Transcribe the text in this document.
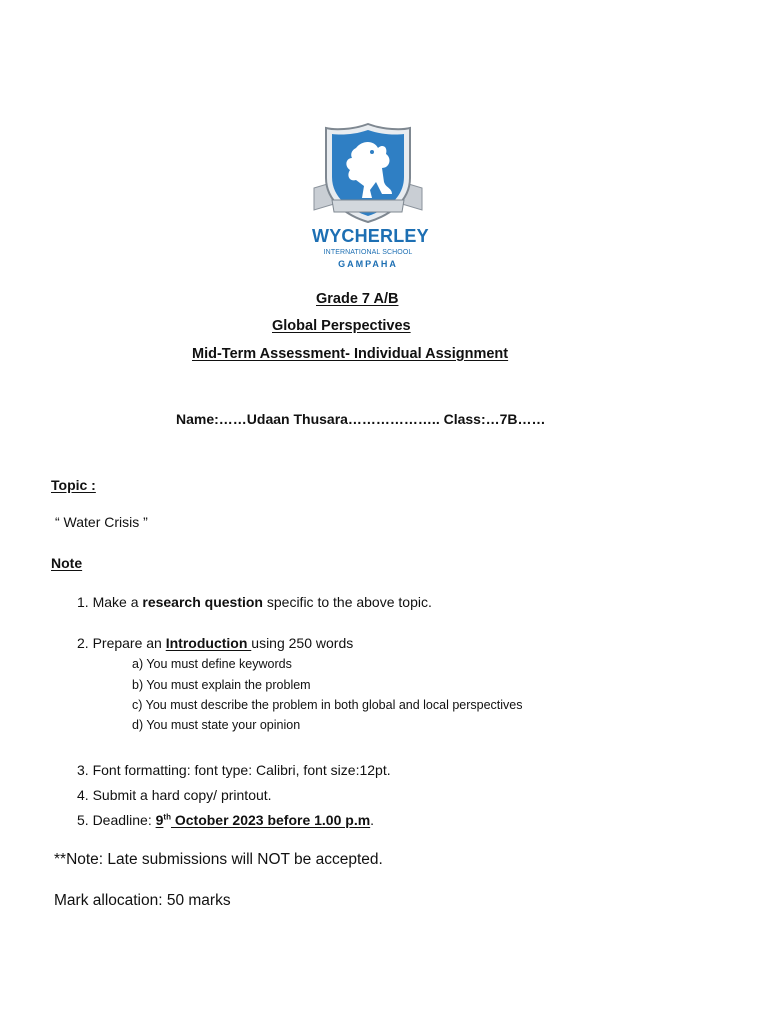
WYCHERLEY
INTERNATIONAL SCHOOL
GAMPAHA
Grade 7 A/B
Global Perspectives
Mid-Term Assessment- Individual Assignment
Name:……Udaan Thusara……………….. Class:…7B……
Topic :
“ Water Crisis ”
Note
1. Make a research question specific to the above topic.
2. Prepare an Introduction using 250 words
a) You must define keywords
b) You must explain the problem
c) You must describe the problem in both global and local perspectives
d) You must state your opinion
3. Font formatting: font type: Calibri, font size:12pt.
4. Submit a hard copy/ printout.
5. Deadline: 9th October 2023 before 1.00 p.m.
**Note: Late submissions will NOT be accepted.
Mark allocation: 50 marks
